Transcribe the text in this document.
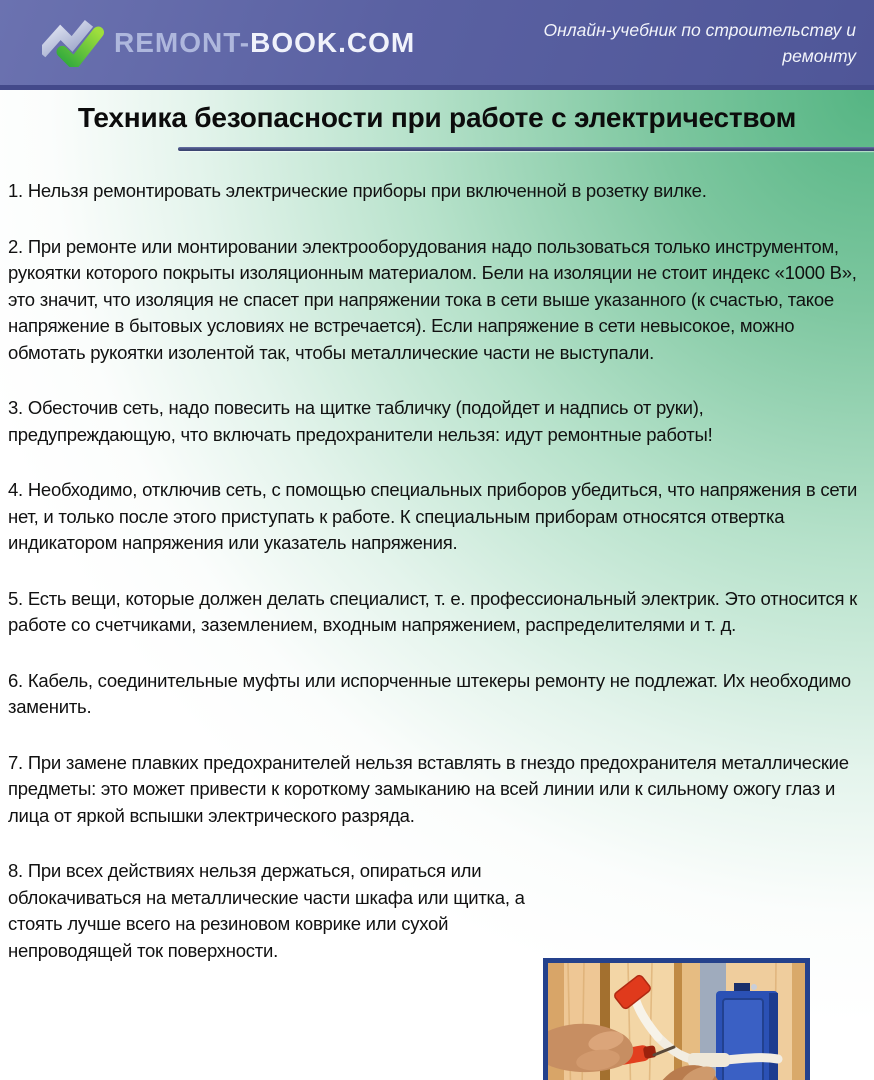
REMONT-BOOK.COM	Онлайн-учебник по строительству и ремонту
Техника безопасности при работе с электричеством

1. Нельзя ремонтировать электрические приборы при включенной в розетку вилке.

2. При ремонте или монтировании электрооборудования надо пользоваться только инструментом, рукоятки которого покрыты изоляционным материалом. Бели на изоляции не стоит индекс «1000 В», это значит, что изоляция не спасет при напряжении тока в сети выше указанного (к счастью, такое напряжение в бытовых условиях не встречается). Если напряжение в сети невысокое, можно обмотать рукоятки изолентой так, чтобы металлические части не выступали.

3. Обесточив сеть, надо повесить на щитке табличку (подойдет и надпись от руки), предупреждающую, что включать предохранители нельзя: идут ремонтные работы!

4. Необходимо, отключив сеть, с помощью специальных приборов убедиться, что напряжения в сети нет, и только после этого приступать к работе. К специальным приборам относятся отвертка индикатором напряжения или указатель напряжения.

5. Есть вещи, которые должен делать специалист, т. е. профессиональный электрик. Это относится к работе со счетчиками, заземлением, входным напряжением, распределителями и т. д.

6. Кабель, соединительные муфты или испорченные штекеры ремонту не подлежат. Их необходимо заменить.

7. При замене плавких предохранителей нельзя вставлять в гнездо предохранителя металлические предметы: это может привести к короткому замыканию на всей линии или к сильному ожогу глаз и лица от яркой вспышки электрического разряда.

8. При всех действиях нельзя держаться, опираться или облокачиваться на металлические части шкафа или щитка, а стоять лучше всего на резиновом коврике или сухой непроводящей ток поверхности.
